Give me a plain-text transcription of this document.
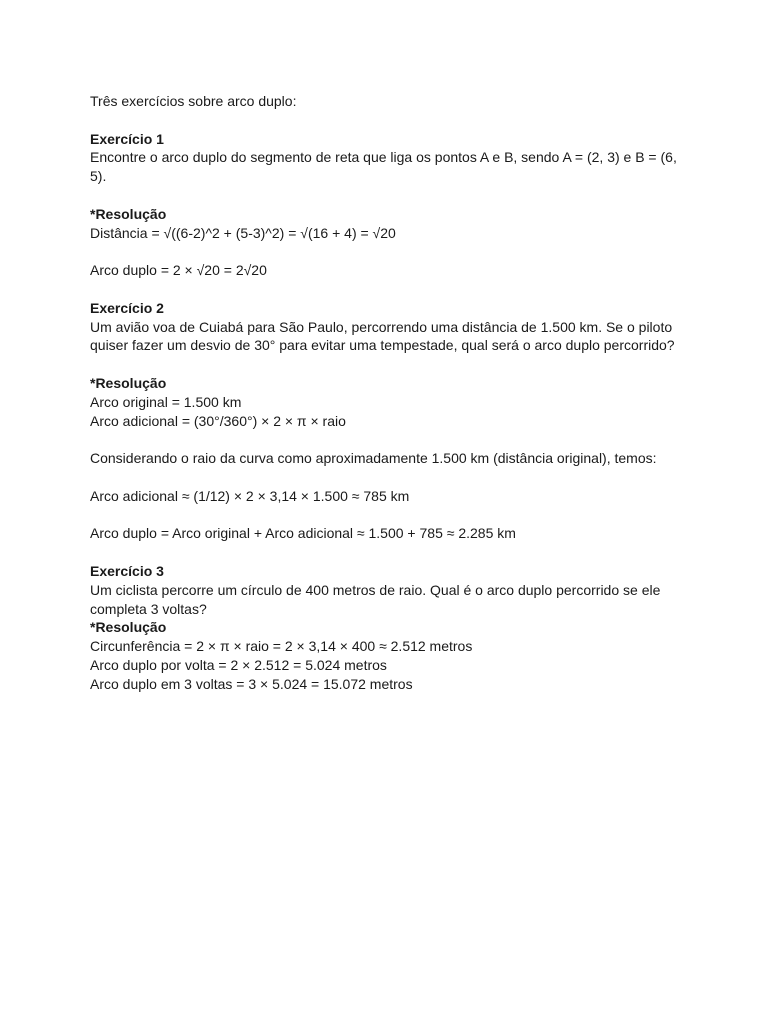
Três exercícios sobre arco duplo:

Exercício 1

Encontre o arco duplo do segmento de reta que liga os pontos A e B, sendo A = (2, 3) e B = (6, 5).

*Resolução

Distância = √((6-2)^2 + (5-3)^2) = √(16 + 4) = √20

Arco duplo = 2 × √20 = 2√20

Exercício 2

Um avião voa de Cuiabá para São Paulo, percorrendo uma distância de 1.500 km. Se o piloto quiser fazer um desvio de 30° para evitar uma tempestade, qual será o arco duplo percorrido?

*Resolução

Arco original = 1.500 km

Arco adicional = (30°/360°) × 2 × π × raio

Considerando o raio da curva como aproximadamente 1.500 km (distância original), temos:

Arco adicional ≈ (1/12) × 2 × 3,14 × 1.500 ≈ 785 km

Arco duplo = Arco original + Arco adicional ≈ 1.500 + 785 ≈ 2.285 km

Exercício 3

Um ciclista percorre um círculo de 400 metros de raio. Qual é o arco duplo percorrido se ele completa 3 voltas?

*Resolução

Circunferência = 2 × π × raio = 2 × 3,14 × 400 ≈ 2.512 metros

Arco duplo por volta = 2 × 2.512 = 5.024 metros

Arco duplo em 3 voltas = 3 × 5.024 = 15.072 metros
